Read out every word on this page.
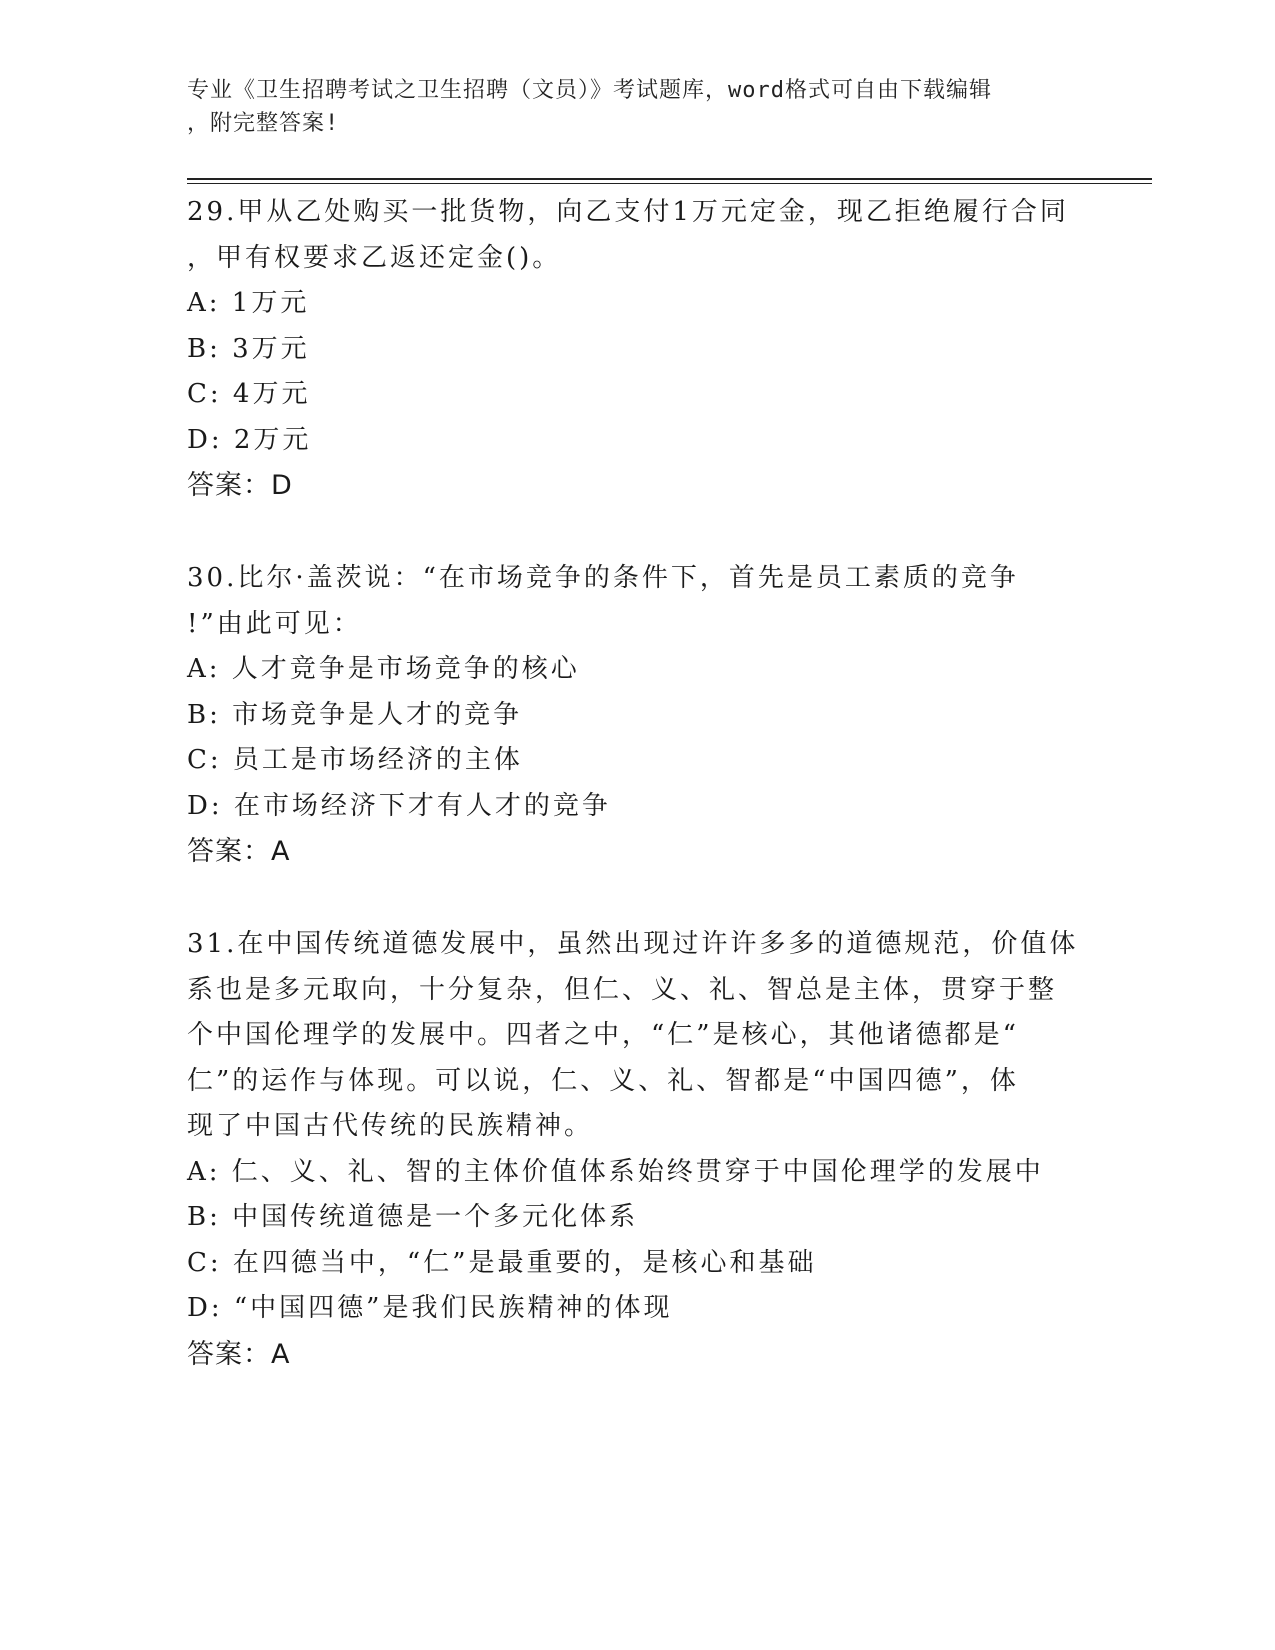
专业《卫生招聘考试之卫生招聘（文员）》考试题库，word格式可自由下载编辑
，附完整答案!

29.甲从乙处购买一批货物，向乙支付1万元定金，现乙拒绝履行合同

，甲有权要求乙返还定金()。

A: 1万元

B: 3万元

C: 4万元

D: 2万元

答案：D

30.比尔·盖茨说：“在市场竞争的条件下，首先是员工素质的竞争

!”由此可见：

A: 人才竞争是市场竞争的核心

B: 市场竞争是人才的竞争

C: 员工是市场经济的主体

D: 在市场经济下才有人才的竞争

答案：A

31.在中国传统道德发展中，虽然出现过许许多多的道德规范，价值体

系也是多元取向，十分复杂，但仁、义、礼、智总是主体，贯穿于整

个中国伦理学的发展中。四者之中，“仁”是核心，其他诸德都是“

仁”的运作与体现。可以说，仁、义、礼、智都是“中国四德”，体

现了中国古代传统的民族精神。

A: 仁、义、礼、智的主体价值体系始终贯穿于中国伦理学的发展中

B: 中国传统道德是一个多元化体系

C: 在四德当中，“仁”是最重要的，是核心和基础

D: “中国四德”是我们民族精神的体现

答案：A
